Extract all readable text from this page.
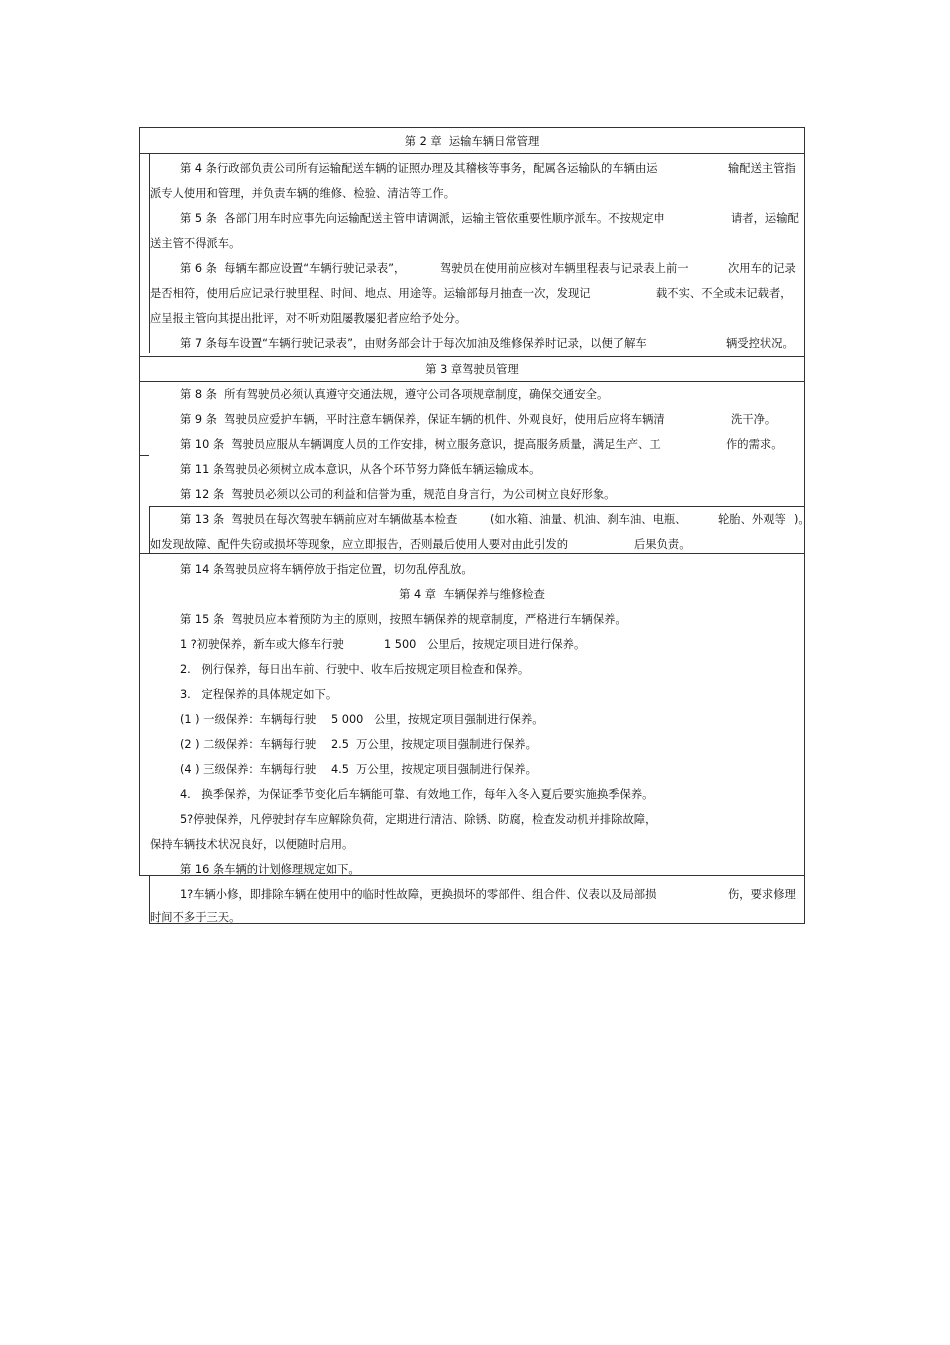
第 2 章  运输车辆日常管理
第 4 条行政部负责公司所有运输配送车辆的证照办理及其稽核等事务，配属各运输队的车辆由运	输配送主管指
派专人使用和管理，并负责车辆的维修、检验、清洁等工作。
第 5 条  各部门用车时应事先向运输配送主管申请调派，运输主管依重要性顺序派车。不按规定申	请者，运输配
送主管不得派车。
第 6 条  每辆车都应设置“车辆行驶记录表”，	驾驶员在使用前应核对车辆里程表与记录表上前一	次用车的记录
是否相符，使用后应记录行驶里程、时间、地点、用途等。运输部每月抽查一次，发现记	载不实、不全或未记载者，
应呈报主管向其提出批评，对不听劝阻屡教屡犯者应给予处分。
第 7 条每车设置“车辆行驶记录表”，由财务部会计于每次加油及维修保养时记录，以便了解车	辆受控状况。
第 3 章驾驶员管理
第 8 条  所有驾驶员必须认真遵守交通法规，遵守公司各项规章制度，确保交通安全。
第 9 条  驾驶员应爱护车辆，平时注意车辆保养，保证车辆的机件、外观良好，使用后应将车辆清	洗干净。
第 10 条  驾驶员应服从车辆调度人员的工作安排，树立服务意识，提高服务质量，满足生产、工	作的需求。
第 11 条驾驶员必须树立成本意识，从各个环节努力降低车辆运输成本。
第 12 条  驾驶员必须以公司的利益和信誉为重，规范自身言行，为公司树立良好形象。
第 13 条  驾驶员在每次驾驶车辆前应对车辆做基本检查	(如水箱、油量、机油、刹车油、电瓶、	轮胎、外观等 )。
如发现故障、配件失窃或损坏等现象，应立即报告，否则最后使用人要对由此引发的	后果负责。
第 14 条驾驶员应将车辆停放于指定位置，切勿乱停乱放。
第 4 章  车辆保养与维修检查
第 15 条  驾驶员应本着预防为主的原则，按照车辆保养的规章制度，严格进行车辆保养。
1 ?初驶保养，新车或大修车行驶	1 500   公里后，按规定项目进行保养。
2.   例行保养，每日出车前、行驶中、收车后按规定项目检查和保养。
3.   定程保养的具体规定如下。
(1 ) 一级保养：车辆每行驶 5 000   公里，按规定项目强制进行保养。
(2 ) 二级保养：车辆每行驶 2.5  万公里，按规定项目强制进行保养。
(4 ) 三级保养：车辆每行驶 4.5  万公里，按规定项目强制进行保养。
4.   换季保养，为保证季节变化后车辆能可靠、有效地工作，每年入冬入夏后要实施换季保养。
5?停驶保养，凡停驶封存车应解除负荷，定期进行清洁、除锈、防腐，检查发动机并排除故障，
保持车辆技术状况良好，以便随时启用。
第 16 条车辆的计划修理规定如下。
1?车辆小修，即排除车辆在使用中的临时性故障，更换损坏的零部件、组合件、仪表以及局部损	伤，要求修理
时间不多于三天。
